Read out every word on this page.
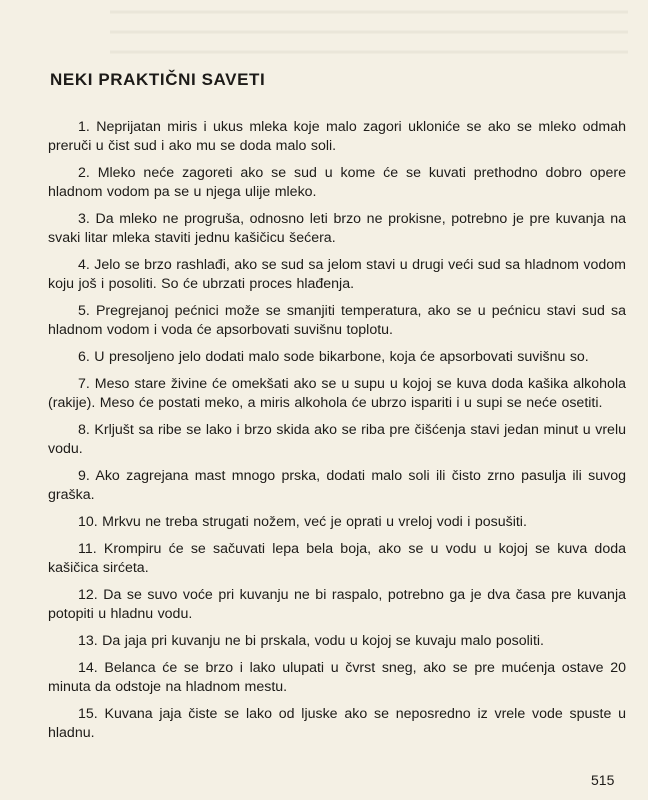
NEKI PRAKTIČNI SAVETI
1. Neprijatan miris i ukus mleka koje malo zagori ukloniće se ako se mleko odmah preruči u čist sud i ako mu se doda malo soli.
2. Mleko neće zagoreti ako se sud u kome će se kuvati prethodno dobro opere hladnom vodom pa se u njega ulije mleko.
3. Da mleko ne progruša, odnosno leti brzo ne prokisne, potrebno je pre kuvanja na svaki litar mleka staviti jednu kašičicu šećera.
4. Jelo se brzo rashlađi, ako se sud sa jelom stavi u drugi veći sud sa hladnom vodom koju još i posoliti. So će ubrzati proces hlađenja.
5. Pregrejanoj pećnici može se smanjiti temperatura, ako se u pećnicu stavi sud sa hladnom vodom i voda će apsorbovati suvišnu toplotu.
6. U presoljeno jelo dodati malo sode bikarbone, koja će apsorbovati suvišnu so.
7. Meso stare živine će omekšati ako se u supu u kojoj se kuva doda kašika alkohola (rakije). Meso će postati meko, a miris alkohola će ubrzo ispariti i u supi se neće osetiti.
8. Krljušt sa ribe se lako i brzo skida ako se riba pre čišćenja stavi jedan minut u vrelu vodu.
9. Ako zagrejana mast mnogo prska, dodati malo soli ili čisto zrno pasulja ili suvog graška.
10. Mrkvu ne treba strugati nožem, već je oprati u vreloj vodi i posušiti.
11. Krompiru će se sačuvati lepa bela boja, ako se u vodu u kojoj se kuva doda kašičica sirćeta.
12. Da se suvo voće pri kuvanju ne bi raspalo, potrebno ga je dva časa pre kuvanja potopiti u hladnu vodu.
13. Da jaja pri kuvanju ne bi prskala, vodu u kojoj se kuvaju malo posoliti.
14. Belanca će se brzo i lako ulupati u čvrst sneg, ako se pre mućenja ostave 20 minuta da odstoje na hladnom mestu.
15. Kuvana jaja čiste se lako od ljuske ako se neposredno iz vrele vode spuste u hladnu.
515
